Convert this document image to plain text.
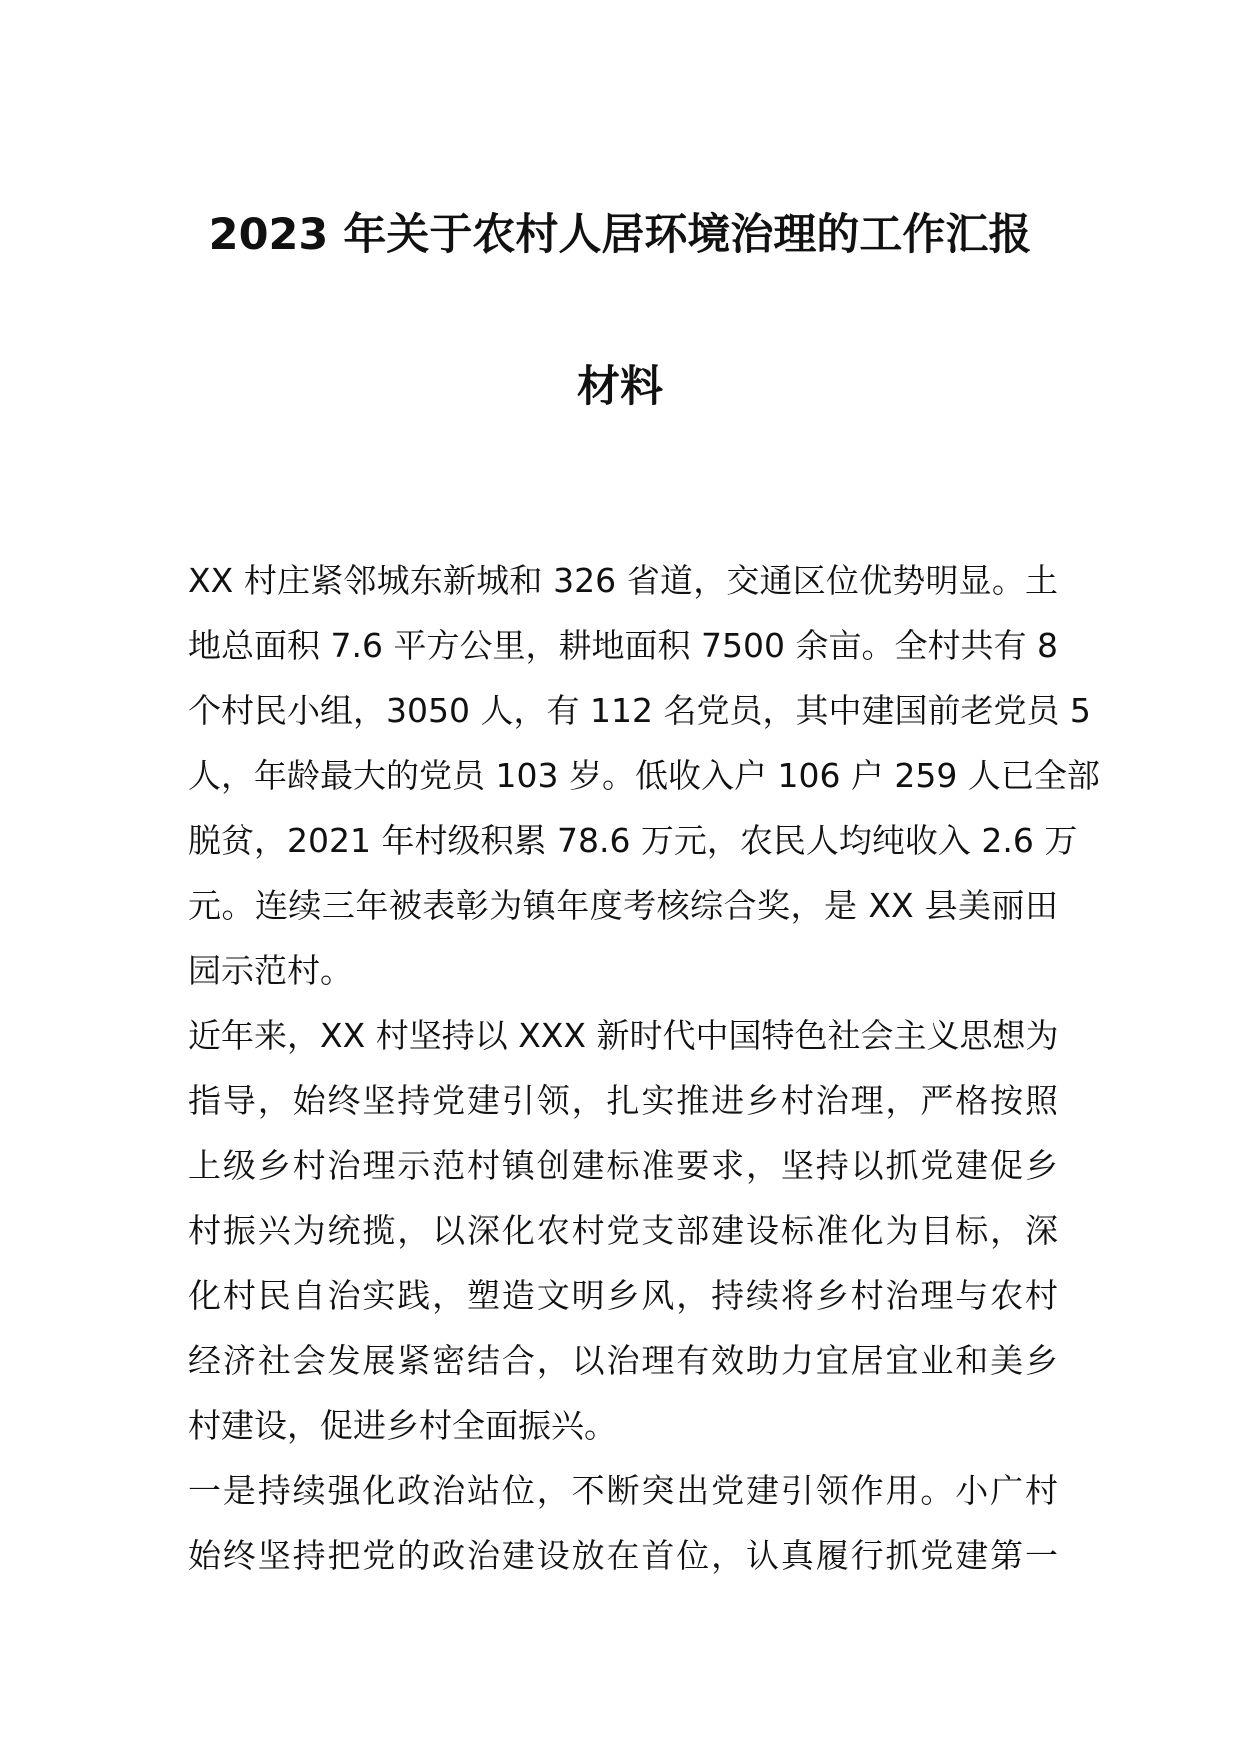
2023 年关于农村人居环境治理的工作汇报
材料
XX 村庄紧邻城东新城和 326 省道，交通区位优势明显。土
地总面积 7.6 平方公里，耕地面积 7500 余亩。全村共有 8
个村民小组，3050 人，有 112 名党员，其中建国前老党员 5
人，年龄最大的党员 103 岁。低收入户 106 户 259 人已全部
脱贫，2021 年村级积累 78.6 万元，农民人均纯收入 2.6 万
元。连续三年被表彰为镇年度考核综合奖，是 XX 县美丽田
园示范村。
近年来，XX 村坚持以 XXX 新时代中国特色社会主义思想为
指导，始终坚持党建引领，扎实推进乡村治理，严格按照
上级乡村治理示范村镇创建标准要求，坚持以抓党建促乡
村振兴为统揽，以深化农村党支部建设标准化为目标，深
化村民自治实践，塑造文明乡风，持续将乡村治理与农村
经济社会发展紧密结合，以治理有效助力宜居宜业和美乡
村建设，促进乡村全面振兴。
一是持续强化政治站位，不断突出党建引领作用。小广村
始终坚持把党的政治建设放在首位，认真履行抓党建第一
